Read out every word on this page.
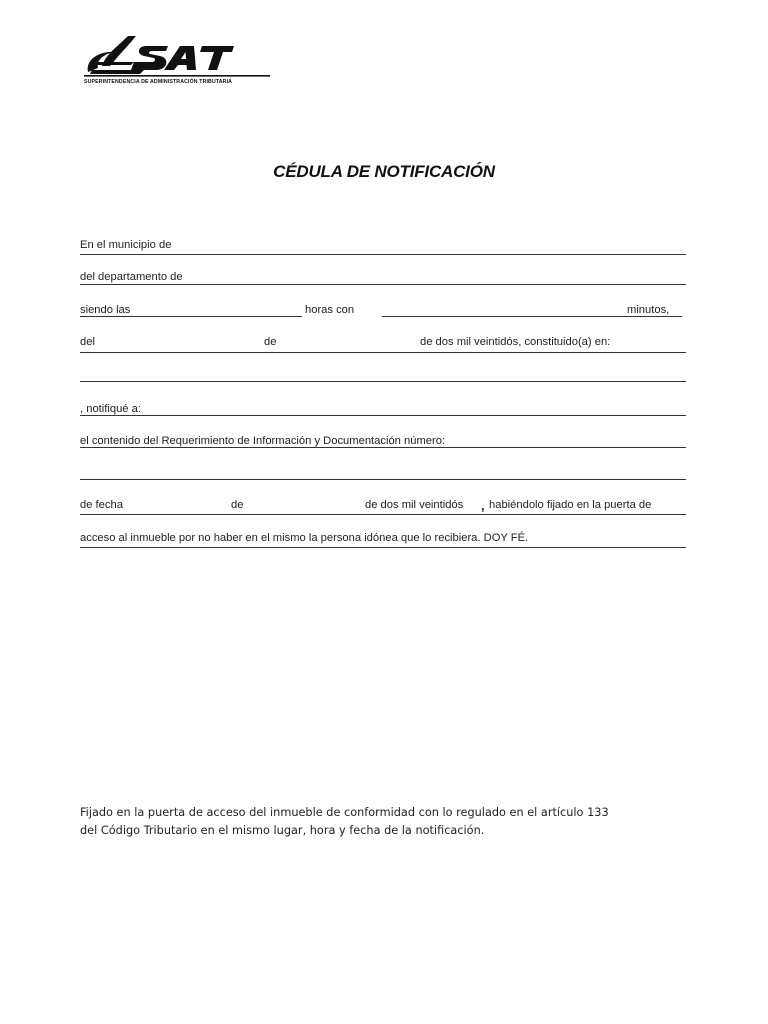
SUPERINTENDENCIA DE ADMINISTRACIÓN TRIBUTARIA
CÉDULA DE NOTIFICACIÓN
En el municipio de
del departamento de
siendo las	horas con	minutos,
del	de	de dos mil veintidós, constituido(a) en:
, notifiqué a:
el contenido del Requerimiento de Información y Documentación número:
de fecha	de	de dos mil veintidós , habiéndolo fijado en la puerta de
acceso al inmueble por no haber en el mismo la persona idónea que lo recibiera. DOY FÉ.
Fijado en la puerta de acceso del inmueble de conformidad con lo regulado en el artículo 133
del Código Tributario en el mismo lugar, hora y fecha de la notificación.
